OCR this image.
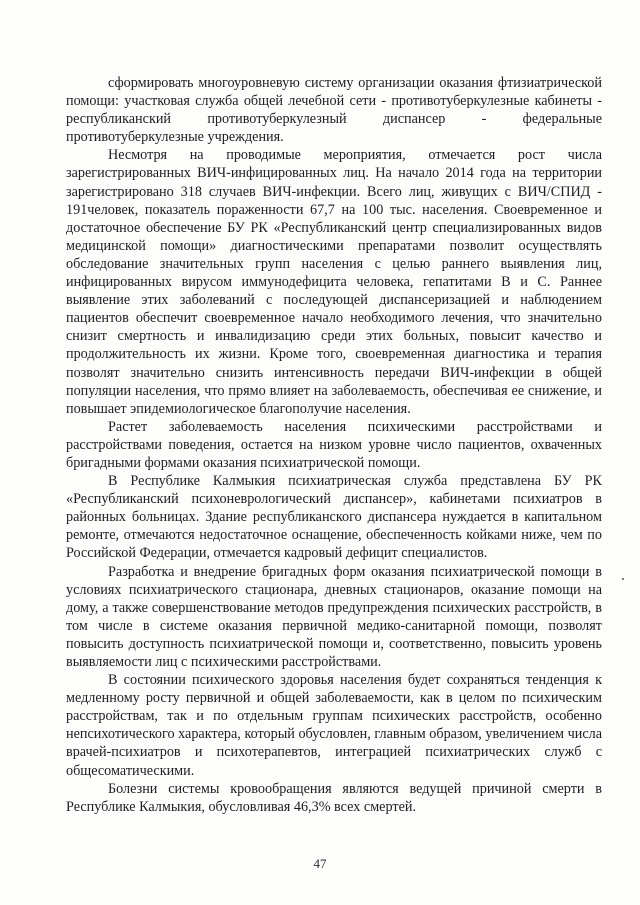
сформировать многоуровневую систему организации оказания фтизиатрической помощи: участковая служба общей лечебной сети - противотуберкулезные кабинеты - республиканский противотуберкулезный диспансер - федеральные противотуберкулезные учреждения.

Несмотря на проводимые мероприятия, отмечается рост числа зарегистрированных ВИЧ-инфицированных лиц. На начало 2014 года на территории зарегистрировано 318 случаев ВИЧ-инфекции. Всего лиц, живущих с ВИЧ/СПИД - 191человек, показатель пораженности 67,7 на 100 тыс. населения. Своевременное и достаточное обеспечение БУ РК «Республиканский центр специализированных видов медицинской помощи» диагностическими препаратами позволит осуществлять обследование значительных групп населения с целью раннего выявления лиц, инфицированных вирусом иммунодефицита человека, гепатитами В и С. Раннее выявление этих заболеваний с последующей диспансеризацией и наблюдением пациентов обеспечит своевременное начало необходимого лечения, что значительно снизит смертность и инвалидизацию среди этих больных, повысит качество и продолжительность их жизни. Кроме того, своевременная диагностика и терапия позволят значительно снизить интенсивность передачи ВИЧ-инфекции в общей популяции населения, что прямо влияет на заболеваемость, обеспечивая ее снижение, и повышает эпидемиологическое благополучие населения.

Растет заболеваемость населения психическими расстройствами и расстройствами поведения, остается на низком уровне число пациентов, охваченных бригадными формами оказания психиатрической помощи.

В Республике Калмыкия психиатрическая служба представлена БУ РК «Республиканский психоневрологический диспансер», кабинетами психиатров в районных больницах. Здание республиканского диспансера нуждается в капитальном ремонте, отмечаются недостаточное оснащение, обеспеченность койками ниже, чем по Российской Федерации, отмечается кадровый дефицит специалистов.

Разработка и внедрение бригадных форм оказания психиатрической помощи в условиях психиатрического стационара, дневных стационаров, оказание помощи на дому, а также совершенствование методов предупреждения психических расстройств, в том числе в системе оказания первичной медико-санитарной помощи, позволят повысить доступность психиатрической помощи и, соответственно, повысить уровень выявляемости лиц с психическими расстройствами.

В состоянии психического здоровья населения будет сохраняться тенденция к медленному росту первичной и общей заболеваемости, как в целом по психическим расстройствам, так и по отдельным группам психических расстройств, особенно непсихотического характера, который обусловлен, главным образом, увеличением числа врачей-психиатров и психотерапевтов, интеграцией психиатрических служб с общесоматическими.

Болезни системы кровообращения являются ведущей причиной смерти в Республике Калмыкия, обусловливая 46,3% всех смертей.

47
